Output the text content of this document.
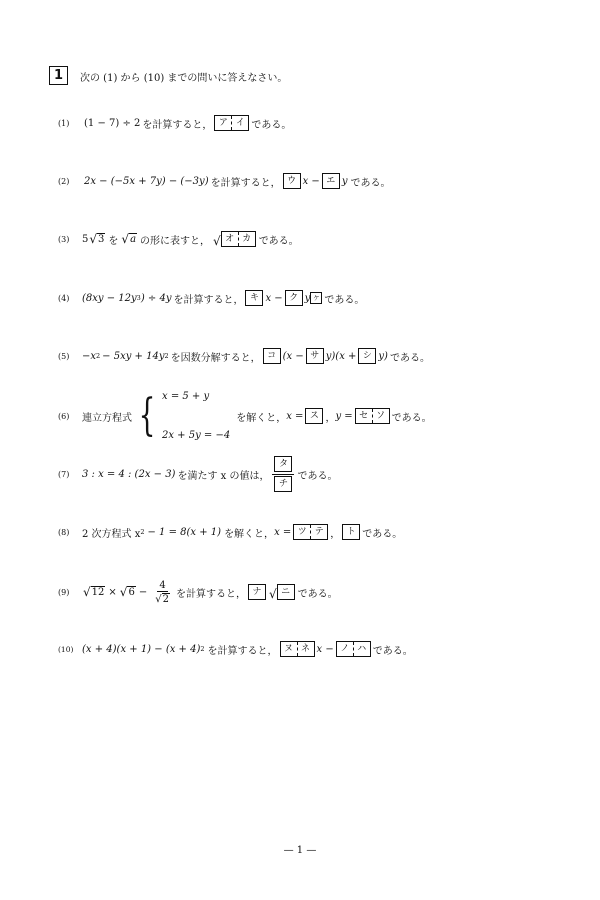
1	次の (1) から (10) までの問いに答えなさい。
(1)	(1 − 7) ÷ 2 を計算すると， ア イ である。
(2)	2x − (−5x + 7y) − (−3y) を計算すると， ウ x − エ y である。
(3)	5 √ 3 を √ a の形に表すと， √ オ カ である。
(4)	(8xy − 12y 3 ) ÷ 4y を計算すると， キ x − ク y ケ である。
(5)	−x 2 − 5xy + 14y 2 を因数分解すると， コ (x − サ y)(x + シ y) である。
(6)	連立方程式 { x = 5 + y
2x + 5y = −4
を解くと， x = ス ， y = セ ソ である。
(7)	3 : x = 4 : (2x − 3) を満たす x の値は， $\frac{\text{タ}}{\text{チ}}$ である。
(8)	2 次方程式 x 2 − 1 = 8(x + 1) を解くと， x = ツ テ ， ト である。
(9)	√ 12 × √ $6 - \frac{4}{√ 2}$ を計算すると， ナ √ ニ である。
(10) (x + 4)(x + 1) − (x + 4) 2 を計算すると， ヌ ネ x − ノ ハ である。
— 1 —
